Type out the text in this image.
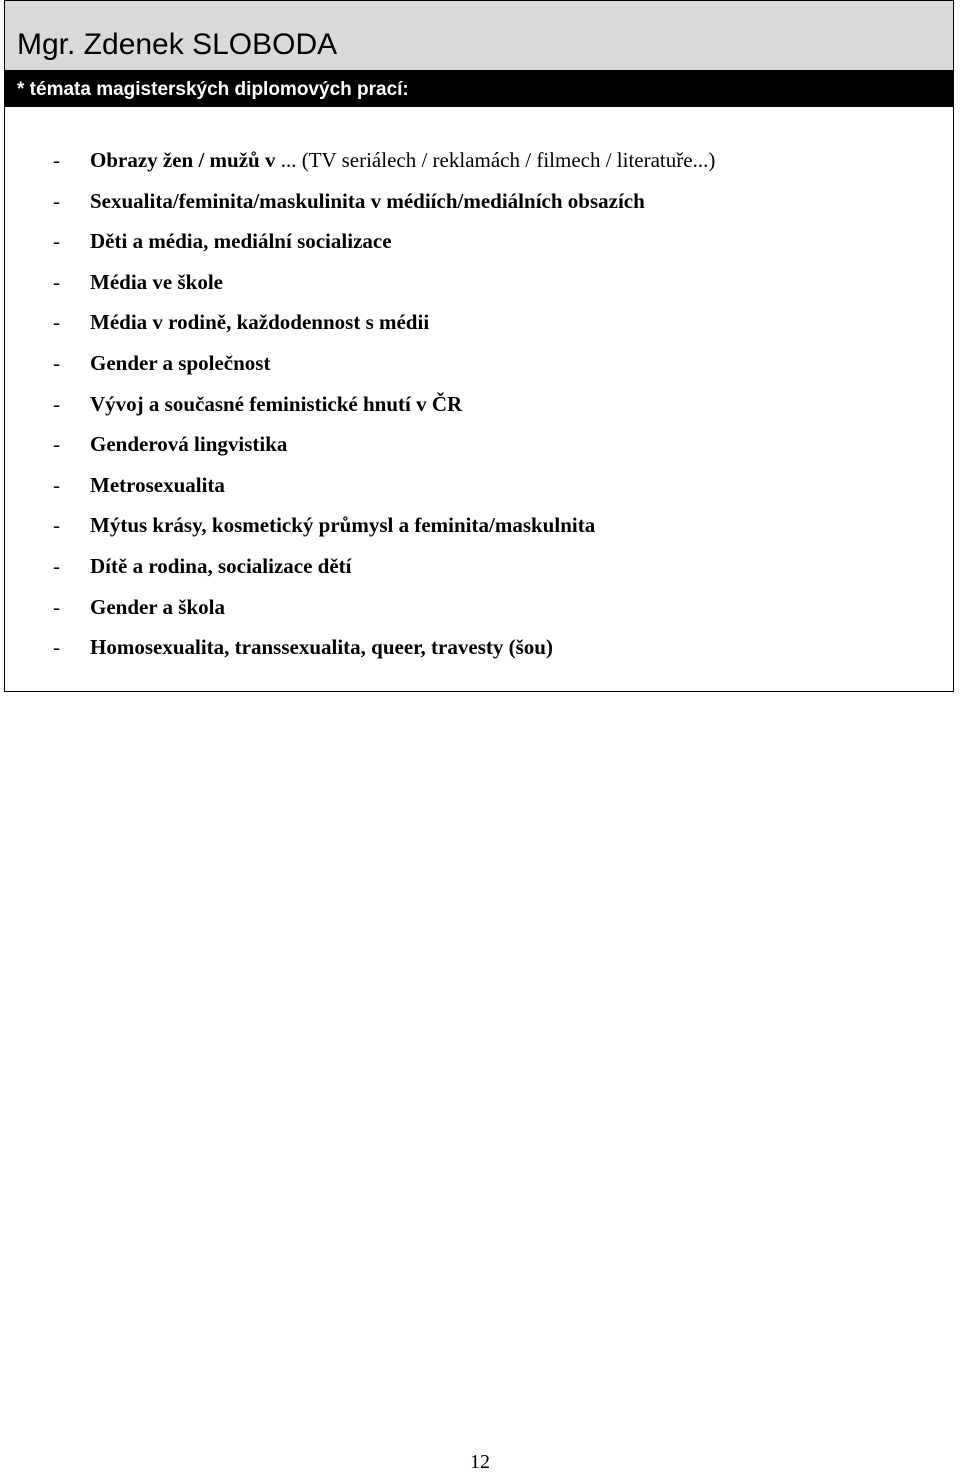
Mgr. Zdenek SLOBODA
* témata magisterských diplomových prací:
- Obrazy žen / mužů v ... (TV seriálech / reklamách / filmech / literatuře...)
- Sexualita/feminita/maskulinita v médiích/mediálních obsazích
- Děti a média, mediální socializace
- Média ve škole
- Média v rodině, každodennost s médii
- Gender a společnost
- Vývoj a současné feministické hnutí v ČR
- Genderová lingvistika
- Metrosexualita
- Mýtus krásy, kosmetický průmysl a feminita/maskulnita
- Dítě a rodina, socializace dětí
- Gender a škola
- Homosexualita, transsexualita, queer, travesty (šou)
12
